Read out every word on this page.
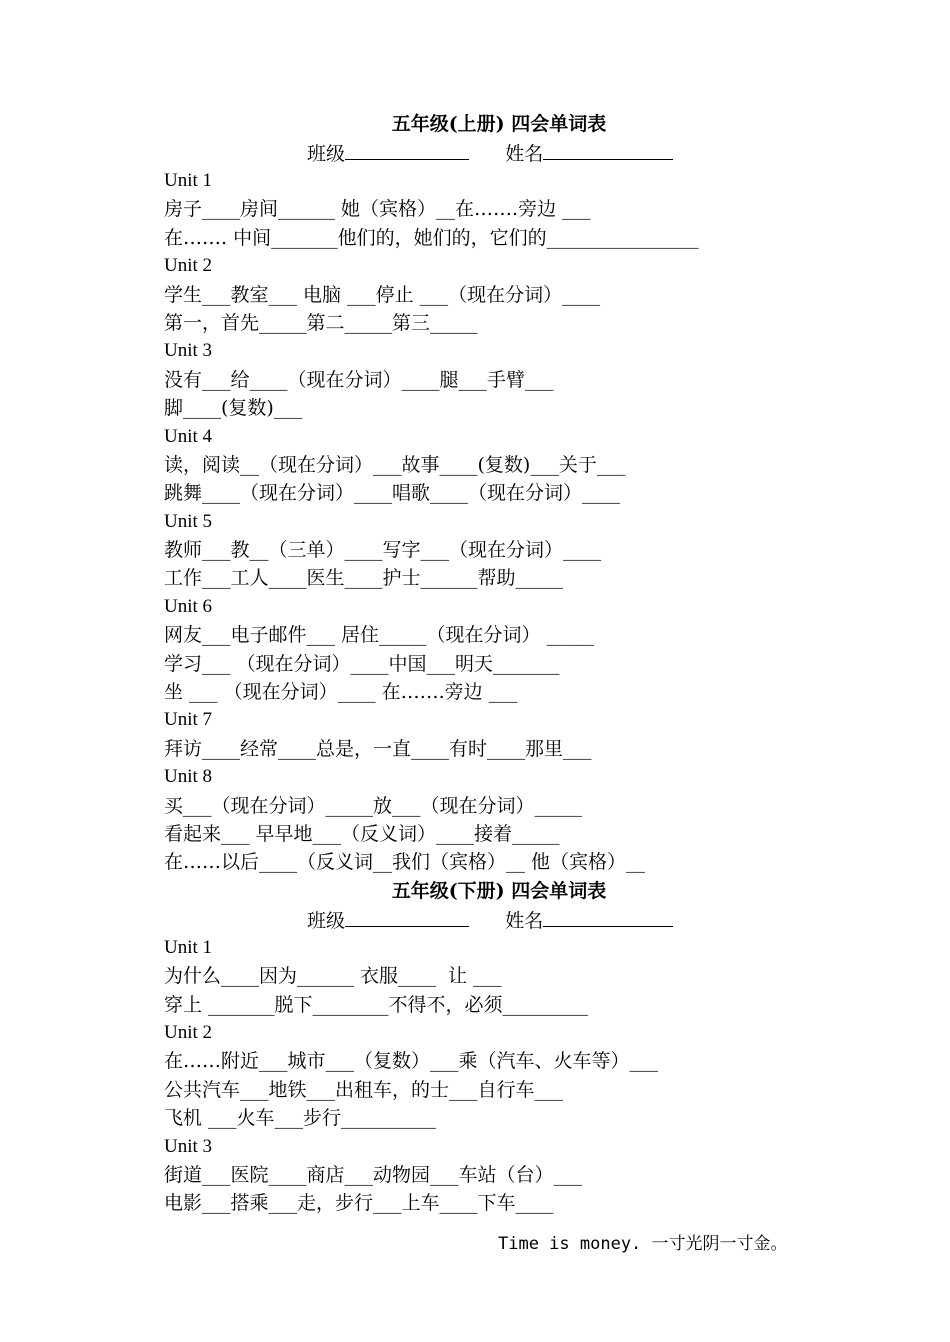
五年级(上册) 四会单词表
班级	姓名
Unit 1
房子____房间______ 她（宾格）__在…….旁边 ___
在……. 中间_______他们的，她们的，它们的________________
Unit 2
学生___教室___ 电脑 ___停止 ___（现在分词）____
第一，首先_____第二_____第三_____
Unit 3
没有___给____（现在分词）____腿___手臂___
脚____(复数)___
Unit 4
读，阅读__（现在分词）___故事____(复数)___关于___
跳舞____（现在分词）____唱歌____（现在分词）____
Unit 5
教师___教__（三单）____写字___（现在分词）____
工作___工人____医生____护士______帮助_____
Unit 6
网友___电子邮件___ 居住_____（现在分词） _____
学习___ （现在分词）____中国___明天_______
坐 ___ （现在分词）____ 在…….旁边 ___
Unit 7
拜访____经常____总是，一直____有时____那里___
Unit 8
买___（现在分词）_____放___（现在分词）_____
看起来___ 早早地___（反义词）____接着_____
在……以后____（反义词__我们（宾格）__ 他（宾格）__
五年级(下册) 四会单词表
班级	姓名
Unit 1
为什么____因为______ 衣服____  让 ___
穿上 _______脱下________不得不，必须_________
Unit 2
在……附近___城市___（复数）___乘（汽车、火车等）___
公共汽车___地铁___出租车，的士___自行车___
飞机 ___火车___步行__________
Unit 3
街道___医院____商店___动物园___车站（台）___
电影___搭乘___走，步行___上车____下车____
Time is money. 一寸光阴一寸金。
